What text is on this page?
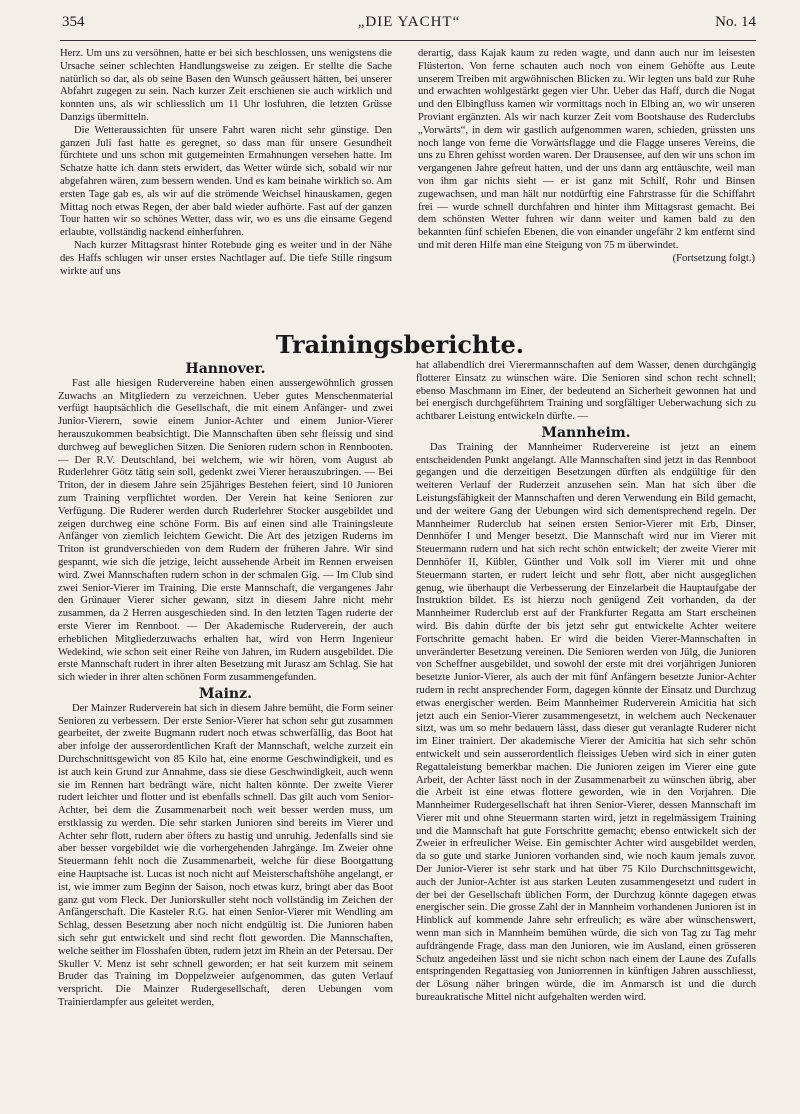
354	„DIE YACHT“	No. 14

Herz. Um uns zu versöhnen, hatte er bei sich beschlossen, uns wenigstens die Ursache seiner schlechten Handlungsweise zu zeigen. Er stellte die Sache natürlich so dar, als ob seine Basen den Wunsch geäussert hätten, bei unserer Abfahrt zugegen zu sein. Nach kurzer Zeit erschienen sie auch wirklich und konnten uns, als wir schliesslich um 11 Uhr losfuhren, die letzten Grüsse Danzigs übermitteln.

Die Wetteraussichten für unsere Fahrt waren nicht sehr günstige. Den ganzen Juli fast hatte es geregnet, so dass man für unsere Gesundheit fürchtete und uns schon mit gutgemeinten Ermahnungen versehen hatte. Im Schatze hatte ich dann stets erwidert, das Wetter würde sich, sobald wir nur abgefahren wären, zum bessern wenden. Und es kam beinahe wirklich so. Am ersten Tage gab es, als wir auf die strömende Weichsel hinauskamen, gegen Mittag noch etwas Regen, der aber bald wieder aufhörte. Fast auf der ganzen Tour hatten wir so schönes Wetter, dass wir, wo es uns die einsame Gegend erlaubte, vollständig nackend einherfuhren.

Nach kurzer Mittagsrast hinter Rotebude ging es weiter und in der Nähe des Haffs schlugen wir unser erstes Nachtlager auf. Die tiefe Stille ringsum wirkte auf uns

derartig, dass Kajak kaum zu reden wagte, und dann auch nur im leisesten Flüsterton. Von ferne schauten auch noch von einem Gehöfte aus Leute unserem Treiben mit argwöhnischen Blicken zu. Wir legten uns bald zur Ruhe und erwachten wohlgestärkt gegen vier Uhr. Ueber das Haff, durch die Nogat und den Elbingfluss kamen wir vormittags noch in Elbing an, wo wir unseren Proviant ergänzten. Als wir nach kurzer Zeit vom Bootshause des Ruderclubs „Vorwärts“, in dem wir gastlich aufgenommen waren, schieden, grüssten uns noch lange von ferne die Vorwärtsflagge und die Flagge unseres Vereins, die uns zu Ehren gehisst worden waren. Der Drausensee, auf den wir uns schon im vergangenen Jahre gefreut hatten, und der uns dann arg enttäuschte, weil man von ihm gar nichts sieht — er ist ganz mit Schilf, Rohr und Binsen zugewachsen, und man hält nur notdürftig eine Fahrstrasse für die Schiffahrt frei — wurde schnell durchfahren und hinter ihm Mittagsrast gemacht. Bei dem schönsten Wetter fuhren wir dann weiter und kamen bald zu den bekannten fünf schiefen Ebenen, die von einander ungefähr 2 km entfernt sind und mit deren Hilfe man eine Steigung von 75 m überwindet.

(Fortsetzung folgt.)
Trainingsberichte.
Hannover.

Fast alle hiesigen Rudervereine haben einen aussergewöhnlich grossen Zuwachs an Mitgliedern zu verzeichnen. Ueber gutes Menschenmaterial verfügt hauptsächlich die Gesellschaft, die mit einem Anfänger- und zwei Junior-Vierern, sowie einem Junior-Achter und einem Junior-Vierer herauszukommen beabsichtigt. Die Mannschaften üben sehr fleissig und sind durchweg auf beweglichen Sitzen. Die Senioren rudern schon in Rennbooten. — Der R.V. Deutschland, bei welchem, wie wir hören, vom August ab Ruderlehrer Götz tätig sein soll, gedenkt zwei Vierer herauszubringen. — Bei Triton, der in diesem Jahre sein 25jähriges Bestehen feiert, sind 10 Junioren zum Training verpflichtet worden. Der Verein hat keine Senioren zur Verfügung. Die Ruderer werden durch Ruderlehrer Stocker ausgebildet und zeigen durchweg eine schöne Form. Bis auf einen sind alle Trainingsleute Anfänger von ziemlich leichtem Gewicht. Die Art des jetzigen Ruderns im Triton ist grundverschieden von dem Rudern der früheren Jahre. Wir sind gespannt, wie sich die jetzige, leicht aussehende Arbeit im Rennen erweisen wird. Zwei Mannschaften rudern schon in der schmalen Gig. — Im Club sind zwei Senior-Vierer im Training. Die erste Mannschaft, die vergangenes Jahr den Grünauer Vierer sicher gewann, sitzt in diesem Jahre nicht mehr zusammen, da 2 Herren ausgeschieden sind. In den letzten Tagen ruderte der erste Vierer im Rennboot. — Der Akademische Ruderverein, der auch erheblichen Mitgliederzuwachs erhalten hat, wird von Herrn Ingenieur Wedekind, wie schon seit einer Reihe von Jahren, im Rudern ausgebildet. Die erste Mannschaft rudert in ihrer alten Besetzung mit Jurasz am Schlag. Sie hat sich wieder in ihrer alten schönen Form zusammengefunden.

Mainz.

Der Mainzer Ruderverein hat sich in diesem Jahre bemüht, die Form seiner Senioren zu verbessern. Der erste Senior-Vierer hat schon sehr gut zusammen gearbeitet, der zweite Bugmann rudert noch etwas schwerfällig, das Boot hat aber infolge der ausserordentlichen Kraft der Mannschaft, welche zurzeit ein Durchschnittsgewicht von 85 Kilo hat, eine enorme Geschwindigkeit, und es ist auch kein Grund zur Annahme, dass sie diese Geschwindigkeit, auch wenn sie im Rennen hart bedrängt wäre, nicht halten könnte. Der zweite Vierer rudert leichter und flotter und ist ebenfalls schnell. Das gilt auch vom Senior-Achter, bei dem die Zusammenarbeit noch weit besser werden muss, um erstklassig zu werden. Die sehr starken Junioren sind bereits im Vierer und Achter sehr flott, rudern aber öfters zu hastig und unruhig. Jedenfalls sind sie aber besser vorgebildet wie die vorhergehenden Jahrgänge. Im Zweier ohne Steuermann fehlt noch die Zusammenarbeit, welche für diese Bootgattung eine Hauptsache ist. Lucas ist noch nicht auf Meisterschaftshöhe angelangt, er ist, wie immer zum Beginn der Saison, noch etwas kurz, bringt aber das Boot ganz gut vom Fleck. Der Juniorskuller steht noch vollständig im Zeichen der Anfängerschaft. Die Kasteler R.G. hat einen Senior-Vierer mit Wendling am Schlag, dessen Besetzung aber noch nicht endgültig ist. Die Junioren haben sich sehr gut entwickelt und sind recht flott geworden. Die Mannschaften, welche seither im Flosshafen übten, rudern jetzt im Rhein an der Petersau. Der Skuller V. Menz ist sehr schnell geworden; er hat seit kurzem mit seinem Bruder das Training im Doppelzweier aufgenommen, das guten Verlauf verspricht. Die Mainzer Rudergesellschaft, deren Uebungen vom Trainierdampfer aus geleitet werden,

hat allabendlich drei Vierermannschaften auf dem Wasser, denen durchgängig flotterer Einsatz zu wünschen wäre. Die Senioren sind schon recht schnell; ebenso Maschmann im Einer, der bedeutend an Sicherheit gewonnen hat und bei energisch durchgeführtem Training und sorgfältiger Ueberwachung sich zu achtbarer Leistung entwickeln dürfte. —

Mannheim.

Das Training der Mannheimer Rudervereine ist jetzt an einem entscheidenden Punkt angelangt. Alle Mannschaften sind jetzt in das Rennboot gegangen und die derzeitigen Besetzungen dürften als endgültige für den weiteren Verlauf der Ruderzeit anzusehen sein. Man hat sich über die Leistungsfähigkeit der Mannschaften und deren Verwendung ein Bild gemacht, und der weitere Gang der Uebungen wird sich dementsprechend regeln. Der Mannheimer Ruderclub hat seinen ersten Senior-Vierer mit Erb, Dinser, Dennhöfer I und Menger besetzt. Die Mannschaft wird nur im Vierer mit Steuermann rudern und hat sich recht schön entwickelt; der zweite Vierer mit Dennhöfer II, Kübler, Günther und Volk soll im Vierer mit und ohne Steuermann starten, er rudert leicht und sehr flott, aber nicht ausgeglichen genug, wie überhaupt die Verbesserung der Einzelarbeit die Hauptaufgabe der Instruktion bildet. Es ist hierzu noch genügend Zeit vorhanden, da der Mannheimer Ruderclub erst auf der Frankfurter Regatta am Start erscheinen wird. Bis dahin dürfte der bis jetzt sehr gut entwickelte Achter weitere Fortschritte gemacht haben. Er wird die beiden Vierer-Mannschaften in unveränderter Besetzung vereinen. Die Senioren werden von Jülg, die Junioren von Scheffner ausgebildet, und sowohl der erste mit drei vorjährigen Junioren besetzte Junior-Vierer, als auch der mit fünf Anfängern besetzte Junior-Achter rudern in recht ansprechender Form, dagegen könnte der Einsatz und Durchzug etwas energischer werden. Beim Mannheimer Ruderverein Amicitia hat sich jetzt auch ein Senior-Vierer zusammengesetzt, in welchem auch Neckenauer sitzt, was um so mehr bedauern lässt, dass dieser gut veranlagte Ruderer nicht im Einer trainiert. Der akademische Vierer der Amicitia hat sich sehr schön entwickelt und sein ausserordentlich fleissiges Ueben wird sich in einer guten Regattaleistung bemerkbar machen. Die Junioren zeigen im Vierer eine gute Arbeit, der Achter lässt noch in der Zusammenarbeit zu wünschen übrig, aber die Arbeit ist eine etwas flottere geworden, wie in den Vorjahren. Die Mannheimer Rudergesellschaft hat ihren Senior-Vierer, dessen Mannschaft im Vierer mit und ohne Steuermann starten wird, jetzt in regelmässigem Training und die Mannschaft hat gute Fortschritte gemacht; ebenso entwickelt sich der Zweier in erfreulicher Weise. Ein gemischter Achter wird ausgebildet werden, da so gute und starke Junioren vorhanden sind, wie noch kaum jemals zuvor. Der Junior-Vierer ist sehr stark und hat über 75 Kilo Durchschnittsgewicht, auch der Junior-Achter ist aus starken Leuten zusammengesetzt und rudert in der bei der Gesellschaft üblichen Form, der Durchzug könnte dagegen etwas energischer sein. Die grosse Zahl der in Mannheim vorhandenen Junioren ist in Hinblick auf kommende Jahre sehr erfreulich; es wäre aber wünschenswert, wenn man sich in Mannheim bemühen würde, die sich von Tag zu Tag mehr aufdrängende Frage, dass man den Junioren, wie im Ausland, einen grösseren Schutz angedeihen lässt und sie nicht schon nach einem der Laune des Zufalls entspringenden Regattasieg von Juniorrennen in künftigen Jahren ausschliesst, der Lösung näher bringen würde, die im Anmarsch ist und die durch bureaukratische Mittel nicht aufgehalten werden wird.
